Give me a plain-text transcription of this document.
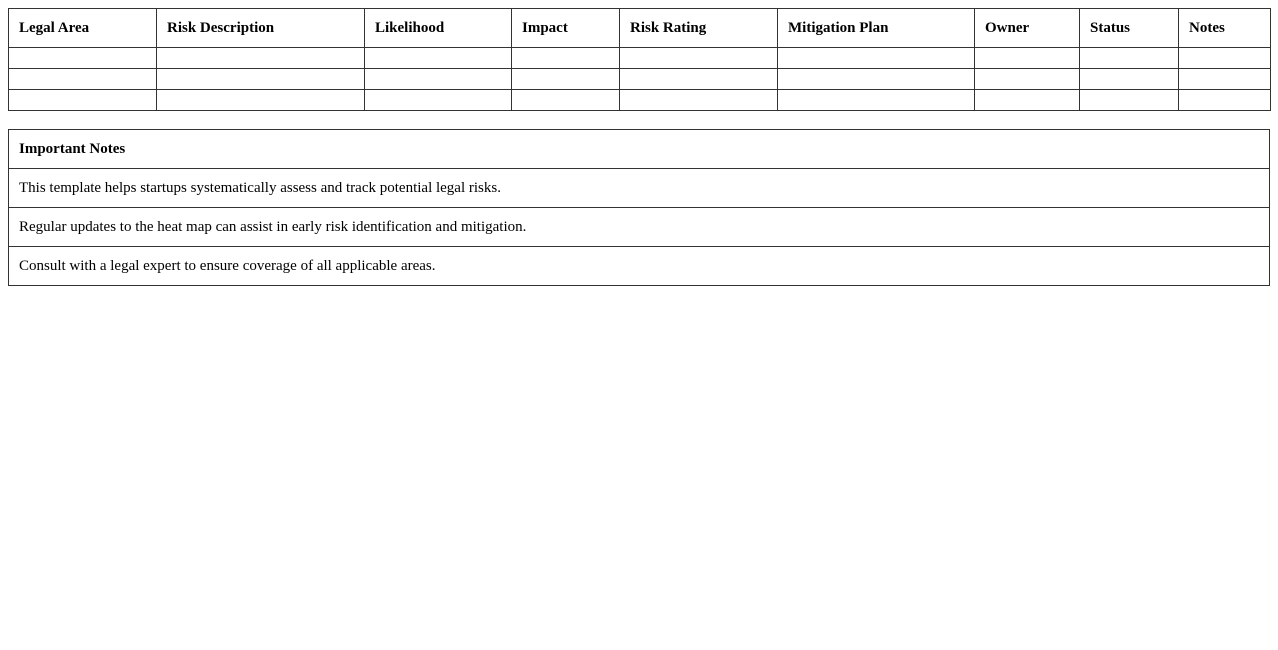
Legal Area	Risk Description	Likelihood	Impact	Risk Rating	Mitigation Plan	Owner	Status	Notes

Important Notes
This template helps startups systematically assess and track potential legal risks.
Regular updates to the heat map can assist in early risk identification and mitigation.
Consult with a legal expert to ensure coverage of all applicable areas.
